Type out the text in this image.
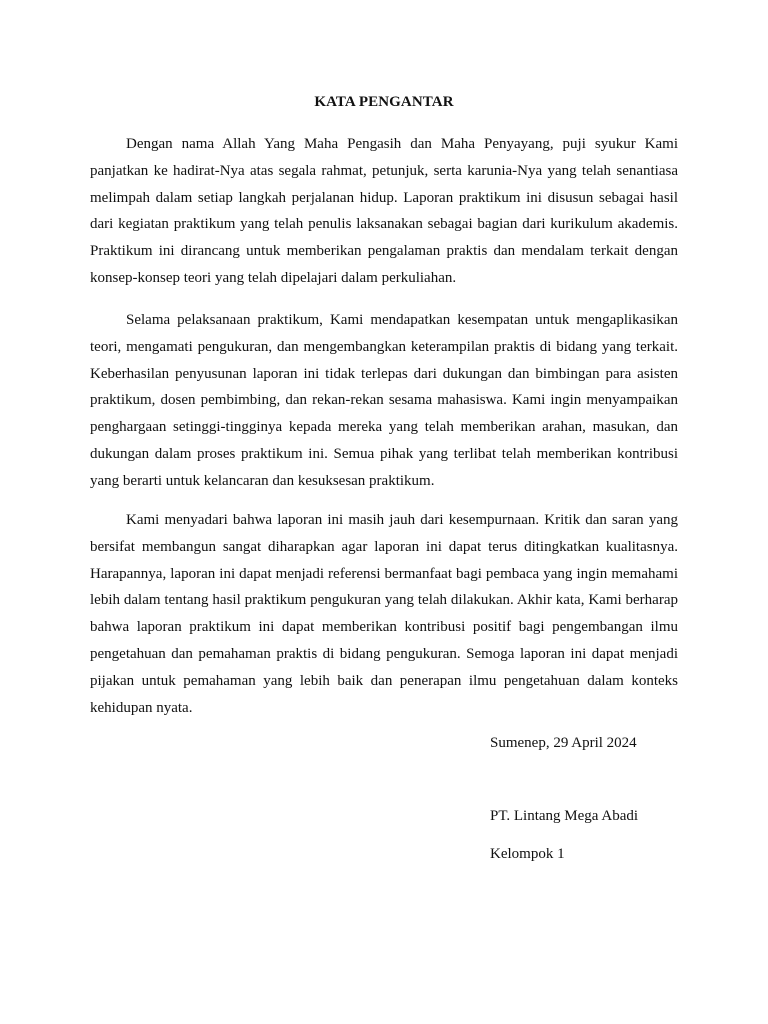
KATA PENGANTAR

Dengan nama Allah Yang Maha Pengasih dan Maha Penyayang, puji syukur Kami panjatkan ke hadirat-Nya atas segala rahmat, petunjuk, serta karunia-Nya yang telah senantiasa melimpah dalam setiap langkah perjalanan hidup. Laporan praktikum ini disusun sebagai hasil dari kegiatan praktikum yang telah penulis laksanakan sebagai bagian dari kurikulum akademis. Praktikum ini dirancang untuk memberikan pengalaman praktis dan mendalam terkait dengan konsep-konsep teori yang telah dipelajari dalam perkuliahan.

Selama pelaksanaan praktikum, Kami mendapatkan kesempatan untuk mengaplikasikan teori, mengamati pengukuran, dan mengembangkan keterampilan praktis di bidang yang terkait. Keberhasilan penyusunan laporan ini tidak terlepas dari dukungan dan bimbingan para asisten praktikum, dosen pembimbing, dan rekan-rekan sesama mahasiswa. Kami ingin menyampaikan penghargaan setinggi-tingginya kepada mereka yang telah memberikan arahan, masukan, dan dukungan dalam proses praktikum ini. Semua pihak yang terlibat telah memberikan kontribusi yang berarti untuk kelancaran dan kesuksesan praktikum.

Kami menyadari bahwa laporan ini masih jauh dari kesempurnaan. Kritik dan saran yang bersifat membangun sangat diharapkan agar laporan ini dapat terus ditingkatkan kualitasnya. Harapannya, laporan ini dapat menjadi referensi bermanfaat bagi pembaca yang ingin memahami lebih dalam tentang hasil praktikum pengukuran yang telah dilakukan. Akhir kata, Kami berharap bahwa laporan praktikum ini dapat memberikan kontribusi positif bagi pengembangan ilmu pengetahuan dan pemahaman praktis di bidang pengukuran. Semoga laporan ini dapat menjadi pijakan untuk pemahaman yang lebih baik dan penerapan ilmu pengetahuan dalam konteks kehidupan nyata.

Sumenep, 29 April 2024
PT. Lintang Mega Abadi
Kelompok 1
